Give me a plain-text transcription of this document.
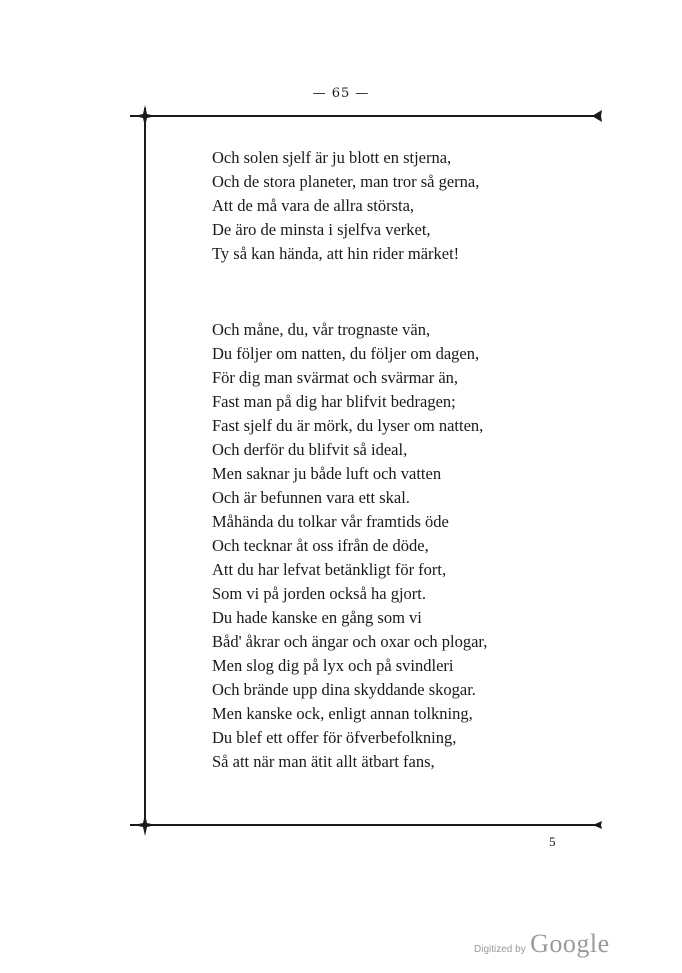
— 65 —
Och solen sjelf är ju blott en stjerna,
Och de stora planeter, man tror så gerna,
Att de må vara de allra största,
De äro de minsta i sjelfva verket,
Ty så kan hända, att hin rider märket!
Och måne, du, vår trognaste vän,
Du följer om natten, du följer om dagen,
För dig man svärmat och svärmar än,
Fast man på dig har blifvit bedragen;
Fast sjelf du är mörk, du lyser om natten,
Och derför du blifvit så ideal,
Men saknar ju både luft och vatten
Och är befunnen vara ett skal.
Måhända du tolkar vår framtids öde
Och tecknar åt oss ifrån de döde,
Att du har lefvat betänkligt för fort,
Som vi på jorden också ha gjort.
Du hade kanske en gång som vi
Båd' åkrar och ängar och oxar och plogar,
Men slog dig på lyx och på svindleri
Och brände upp dina skyddande skogar.
Men kanske ock, enligt annan tolkning,
Du blef ett offer för öfverbefolkning,
Så att när man ätit allt ätbart fans,
5
Digitized by Google
